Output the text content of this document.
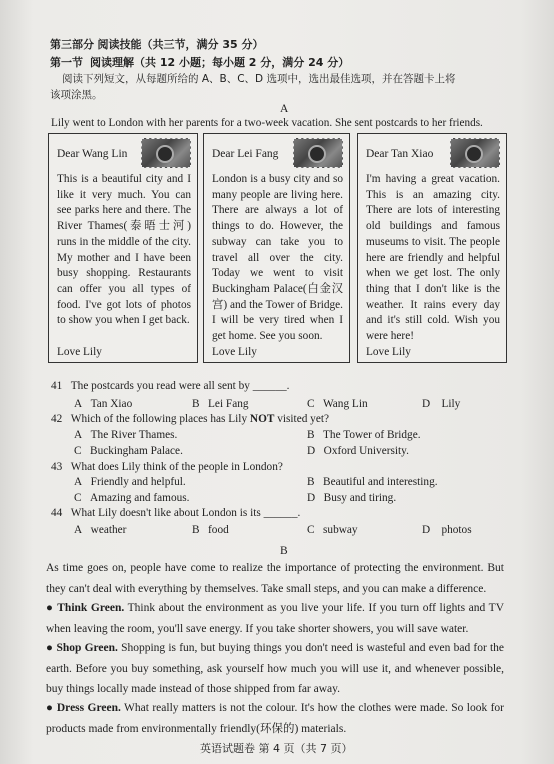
第三部分 阅读技能（共三节，满分 35 分）
第一节 阅读理解（共 12 小题；每小题 2 分，满分 24 分）
阅读下列短文，从每题所给的 A、B、C、D 选项中，选出最佳选项，并在答题卡上将
该项涂黑。
A
Lily went to London with her parents for a two-week vacation. She sent postcards to her friends.
Dear Wang Lin
This is a beautiful city and I like it very much. You can see parks here and there. The River Thames(泰晤士河) runs in the middle of the city. My mother and I have been busy shopping. Restaurants can offer you all types of food. I've got lots of photos to show you when I get back.
Love Lily
Dear Lei Fang
London is a busy city and so many people are living here. There are always a lot of things to do. However, the subway can take you to travel all over the city. Today we went to visit Buckingham Palace(白金汉宫) and the Tower of Bridge. I will be very tired when I get home. See you soon.
Love Lily
Dear Tan Xiao
I'm having a great vacation. This is an amazing city. There are lots of interesting old buildings and famous museums to visit. The people here are friendly and helpful when we get lost. The only thing that I don't like is the weather. It rains every day and it's still cold. Wish you were here!
Love Lily
41 The postcards you read were all sent by ______.
A Tan Xiao	B Lei Fang	C Wang Lin	D Lily
42 Which of the following places has Lily NOT visited yet?
A The River Thames.	B The Tower of Bridge.
C Buckingham Palace.	D Oxford University.
43 What does Lily think of the people in London?
A Friendly and helpful.	B Beautiful and interesting.
C Amazing and famous.	D Busy and tiring.
44 What Lily doesn't like about London is its ______.
A weather	B food	C subway	D photos
B
As time goes on, people have come to realize the importance of protecting the environment. But they can't deal with everything by themselves. Take small steps, and you can make a difference.
● Think Green. Think about the environment as you live your life. If you turn off lights and TV when leaving the room, you'll save energy. If you take shorter showers, you will save water.
● Shop Green. Shopping is fun, but buying things you don't need is wasteful and even bad for the earth. Before you buy something, ask yourself how much you will use it, and whenever possible, buy things locally made instead of those shipped from far away.
● Dress Green. What really matters is not the colour. It's how the clothes were made. So look for products made from environmentally friendly(环保的) materials.
英语试题卷 第 4 页（共 7 页）
